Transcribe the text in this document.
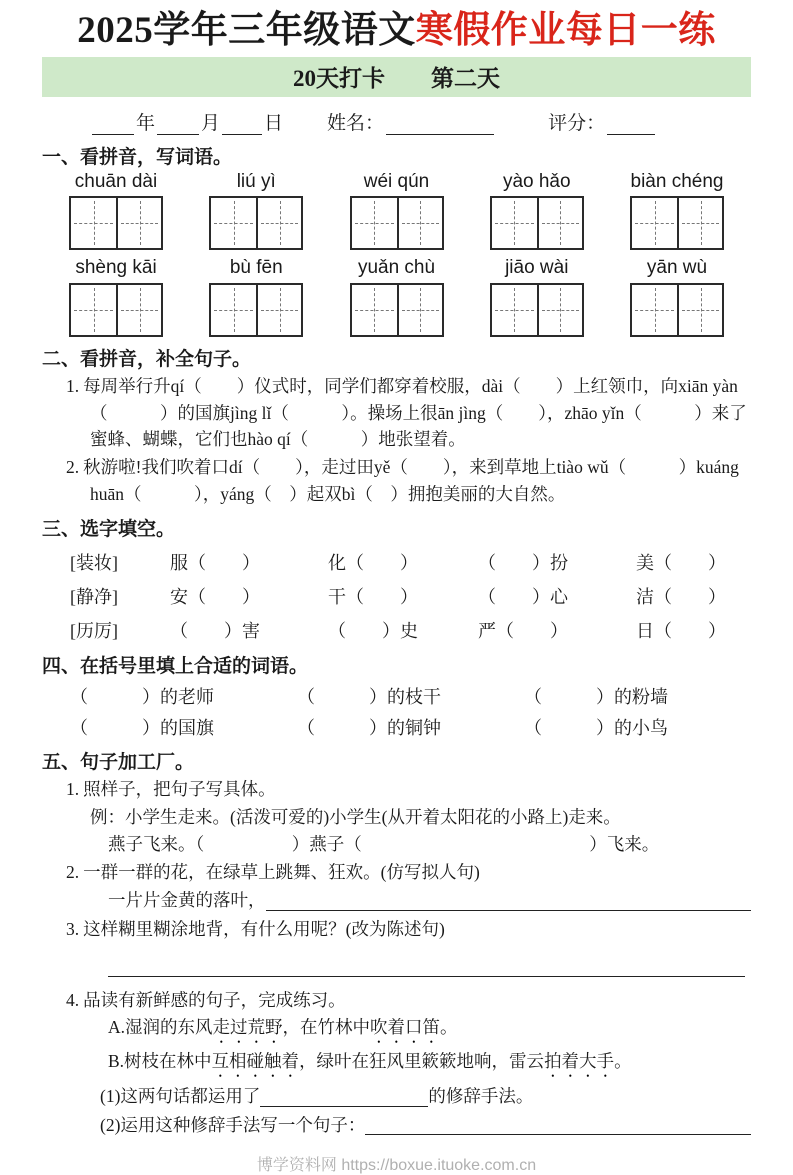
2025学年三年级语文寒假作业每日一练
20天打卡　　第二天
年 月 日 姓名：	评分：
一、看拼音，写词语。
chuān dài	liú yì	wéi qún	yào hǎo	biàn chéng
shèng kāi	bù fēn	yuǎn chù	jiāo wài	yān wù
二、看拼音，补全句子。

1. 每周举行升qí（　　）仪式时，同学们都穿着校服，dài（　　）上红领巾，向xiān yàn（　　　）的国旗jìng lǐ（　　　）。操场上很ān jìng（　　），zhāo yǐn（　　　）来了蜜蜂、蝴蝶，它们也hào qí（　　　）地张望着。

2. 秋游啦!我们吹着口dí（　　），走过田yě（　　），来到草地上tiào wǔ（　　　）kuáng huān（　　　），yáng（　）起双bì（　）拥抱美丽的大自然。

三、选字填空。
[装妆]	服（　　）	化（　　）	（　　）扮	美（　　）
[静净]	安（　　）	干（　　）	（　　）心	洁（　　）
[历厉]	（　　）害	（　　）史	严（　　）	日（　　）
四、在括号里填上合适的词语。
（　　　）的老师	（　　　）的枝干	（　　　）的粉墙
（　　　）的国旗	（　　　）的铜钟	（　　　）的小鸟
五、句子加工厂。

1. 照样子，把句子写具体。

例：小学生走来。(活泼可爱的)小学生(从开着太阳花的小路上)走来。

燕子飞来。（　　　　　）燕子（　　　　　　　　　　　　　）飞来。

2. 一群一群的花，在绿草上跳舞、狂欢。(仿写拟人句)

一片片金黄的落叶，

3. 这样糊里糊涂地背，有什么用呢？(改为陈述句)

4. 品读有新鲜感的句子，完成练习。

A.湿润的东风走过荒野，在竹林中吹着口笛。

B.树枝在林中互相碰触着，绿叶在狂风里簌簌地响，雷云拍着大手。

(1)这两句话都运用了	的修辞手法。
(2)运用这种修辞手法写一个句子：
博学资料网 https://boxue.ituoke.com.cn
